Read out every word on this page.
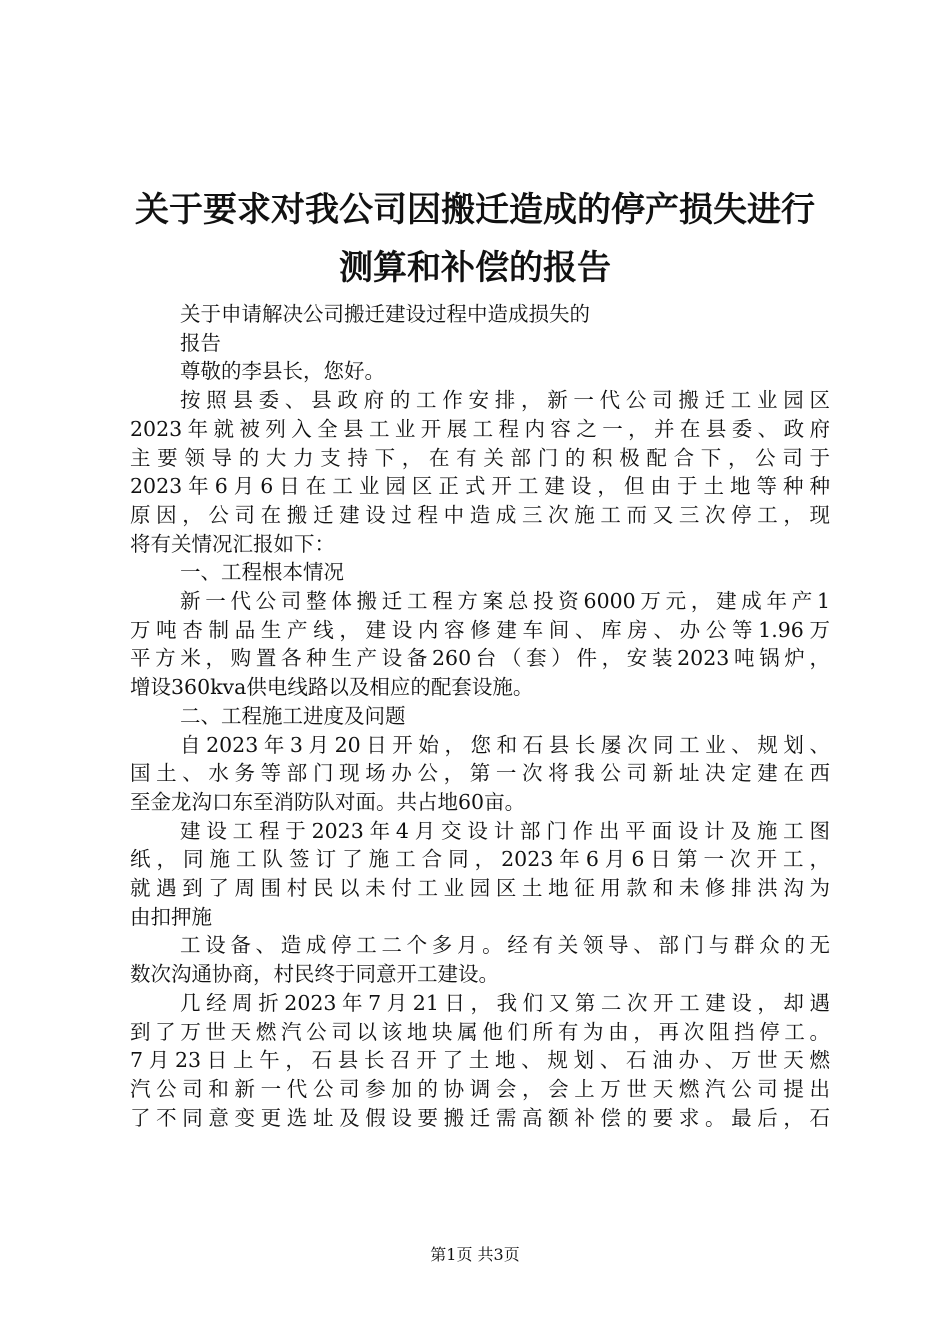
关于要求对我公司因搬迁造成的停产损失进行
测算和补偿的报告

关于申请解决公司搬迁建设过程中造成损失的

报告

尊敬的李县长，您好。

按照县委、县政府的工作安排，新一代公司搬迁工业园区

2023年就被列入全县工业开展工程内容之一，并在县委、政府

主要领导的大力支持下，在有关部门的积极配合下，公司于

2023年6月6日在工业园区正式开工建设，但由于土地等种种

原因，公司在搬迁建设过程中造成三次施工而又三次停工，现

将有关情况汇报如下：

一、工程根本情况

新一代公司整体搬迁工程方案总投资6000万元，建成年产1

万吨杏制品生产线，建设内容修建车间、库房、办公等1.96万

平方米，购置各种生产设备260台（套）件，安装2023吨锅炉，

增设360kva供电线路以及相应的配套设施。

二、工程施工进度及问题

自2023年3月20日开始，您和石县长屡次同工业、规划、

国土、水务等部门现场办公，第一次将我公司新址决定建在西

至金龙沟口东至消防队对面。共占地60亩。

建设工程于2023年4月交设计部门作出平面设计及施工图

纸，同施工队签订了施工合同，2023年6月6日第一次开工，

就遇到了周围村民以未付工业园区土地征用款和未修排洪沟为

由扣押施

工设备、造成停工二个多月。经有关领导、部门与群众的无

数次沟通协商，村民终于同意开工建设。

几经周折2023年7月21日，我们又第二次开工建设，却遇

到了万世天燃汽公司以该地块属他们所有为由，再次阻挡停工。

7月23日上午，石县长召开了土地、规划、石油办、万世天燃

汽公司和新一代公司参加的协调会，会上万世天燃汽公司提出

了不同意变更选址及假设要搬迁需高额补偿的要求。最后，石

第1页 共3页
